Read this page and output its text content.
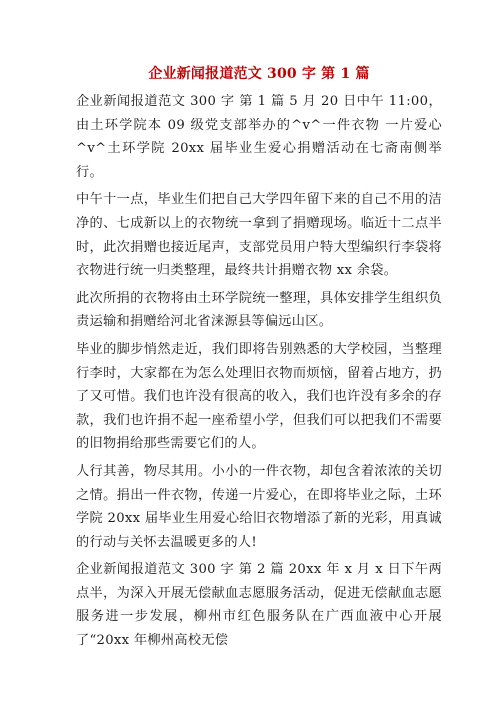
企业新闻报道范文 300 字 第 1 篇

企业新闻报道范文 300 字 第 1 篇 5 月 20 日中午 11:00，由土环学院本 09 级党支部举办的^v^一件衣物 一片爱心^v^土环学院 20xx 届毕业生爱心捐赠活动在七斋南侧举行。

中午十一点，毕业生们把自己大学四年留下来的自己不用的洁净的、七成新以上的衣物统一拿到了捐赠现场。临近十二点半时，此次捐赠也接近尾声，支部党员用户特大型编织行李袋将衣物进行统一归类整理，最终共计捐赠衣物 xx 余袋。

此次所捐的衣物将由土环学院统一整理，具体安排学生组织负责运输和捐赠给河北省涞源县等偏远山区。

毕业的脚步悄然走近，我们即将告别熟悉的大学校园，当整理行李时，大家都在为怎么处理旧衣物而烦恼，留着占地方，扔了又可惜。我们也许没有很高的收入，我们也许没有多余的存款，我们也许捐不起一座希望小学，但我们可以把我们不需要的旧物捐给那些需要它们的人。

人行其善，物尽其用。小小的一件衣物，却包含着浓浓的关切之情。捐出一件衣物，传递一片爱心，在即将毕业之际，土环学院 20xx 届毕业生用爱心给旧衣物增添了新的光彩，用真诚的行动与关怀去温暖更多的人!

企业新闻报道范文 300 字 第 2 篇 20xx 年 x 月 x 日下午两点半，为深入开展无偿献血志愿服务活动，促进无偿献血志愿服务进一步发展，柳州市红色服务队在广西血液中心开展了“20xx 年柳州高校无偿
